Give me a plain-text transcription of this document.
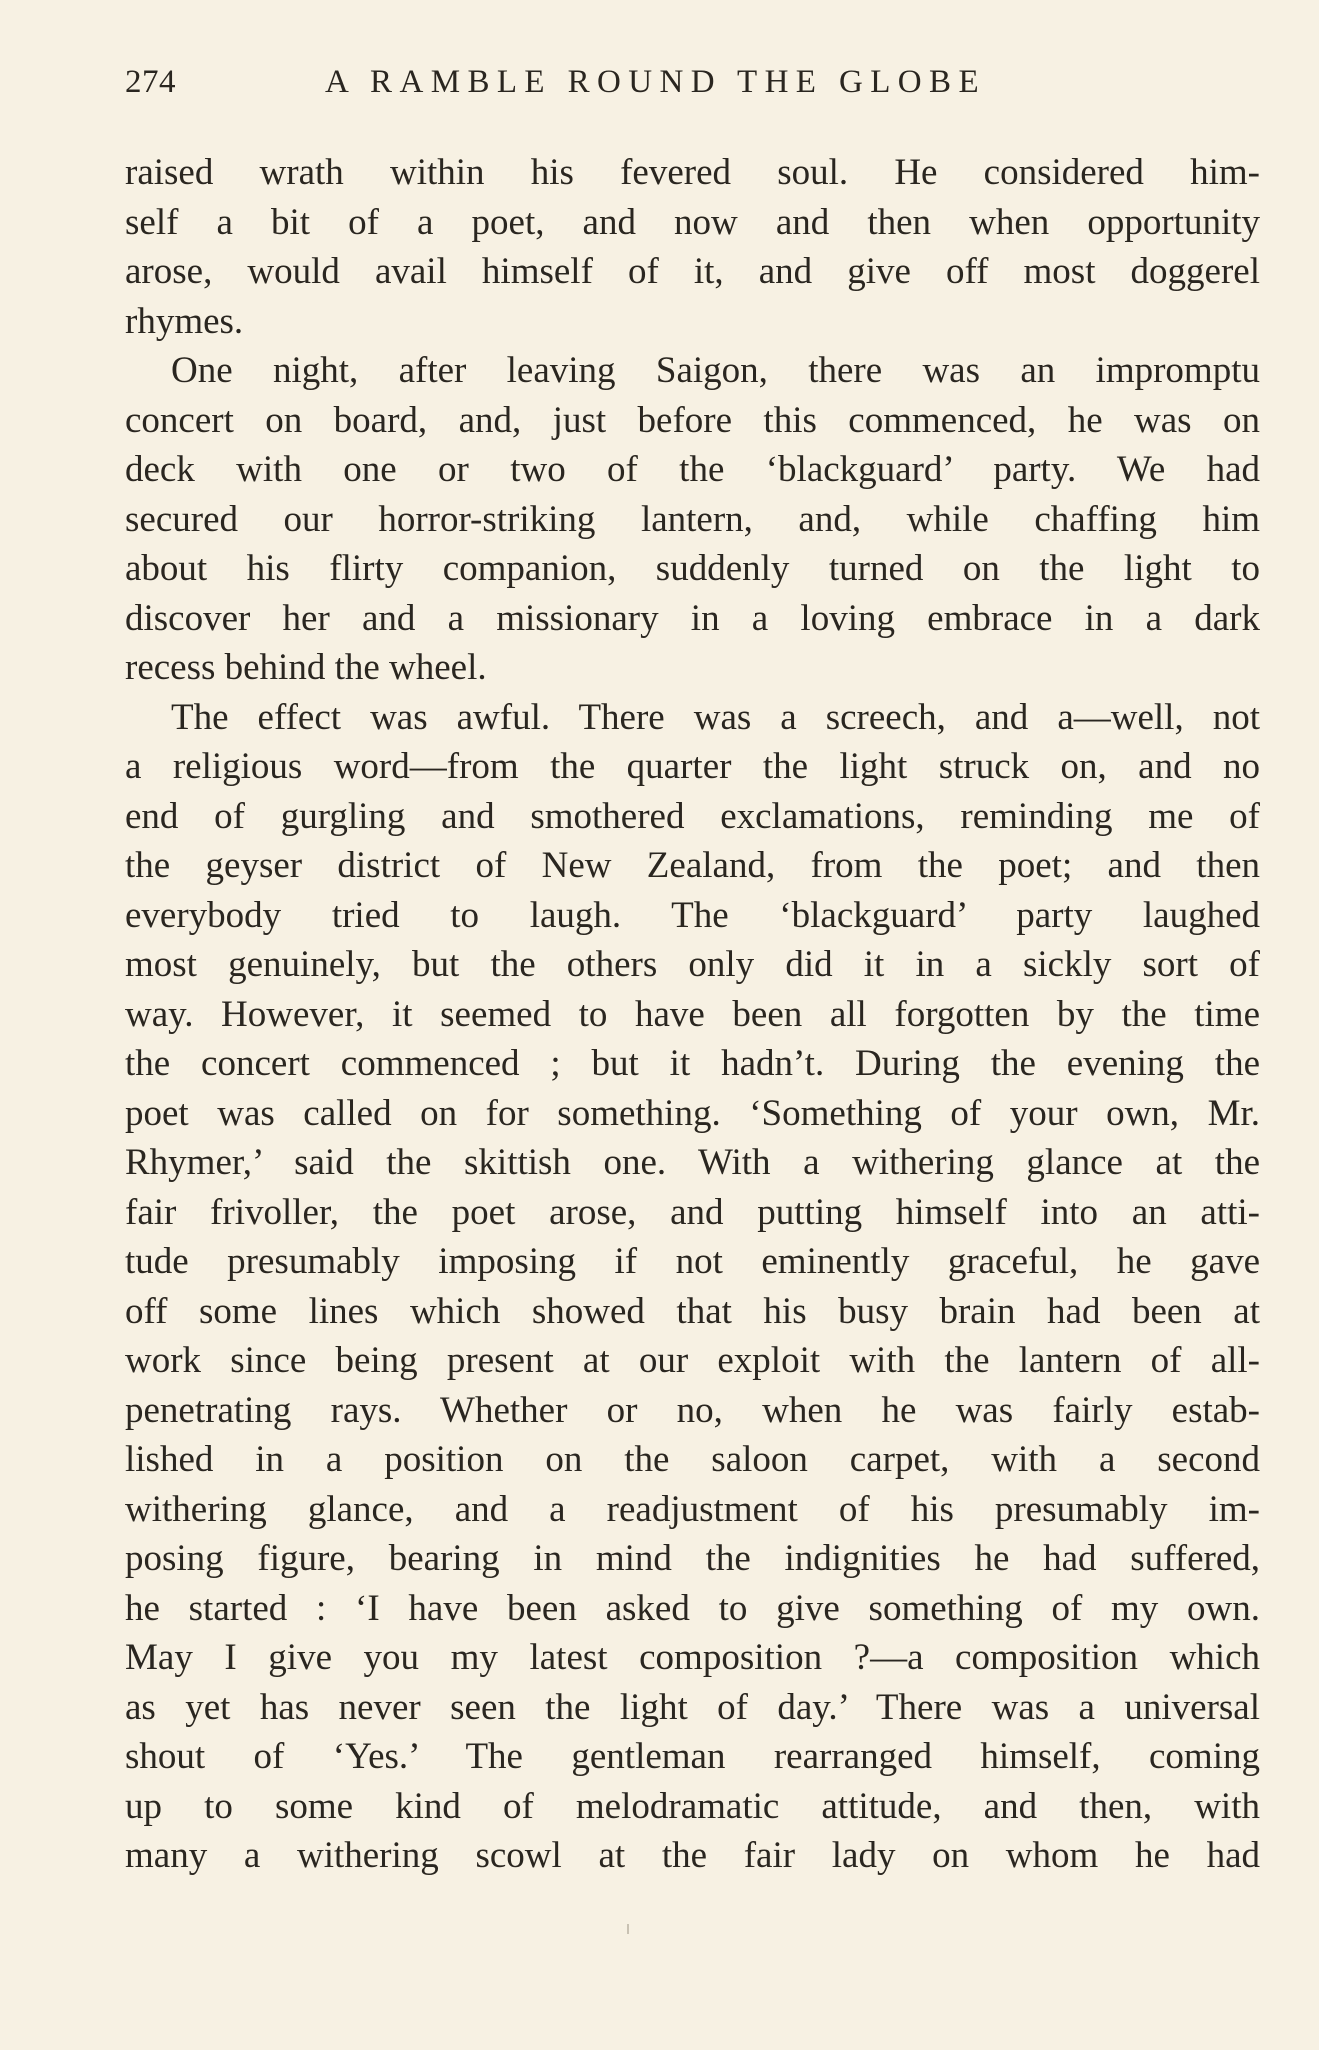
274	A RAMBLE ROUND THE GLOBE
raised wrath within his fevered soul. He considered him-
self a bit of a poet, and now and then when opportunity
arose, would avail himself of it, and give off most doggerel
rhymes.
One night, after leaving Saigon, there was an impromptu
concert on board, and, just before this commenced, he was on
deck with one or two of the ‘blackguard’ party. We had
secured our horror-striking lantern, and, while chaffing him
about his flirty companion, suddenly turned on the light to
discover her and a missionary in a loving embrace in a dark
recess behind the wheel.
The effect was awful. There was a screech, and a—well, not
a religious word—from the quarter the light struck on, and no
end of gurgling and smothered exclamations, reminding me of
the geyser district of New Zealand, from the poet; and then
everybody tried to laugh. The ‘blackguard’ party laughed
most genuinely, but the others only did it in a sickly sort of
way. However, it seemed to have been all forgotten by the time
the concert commenced ; but it hadn’t. During the evening the
poet was called on for something. ‘Something of your own, Mr.
Rhymer,’ said the skittish one. With a withering glance at the
fair frivoller, the poet arose, and putting himself into an atti-
tude presumably imposing if not eminently graceful, he gave
off some lines which showed that his busy brain had been at
work since being present at our exploit with the lantern of all-
penetrating rays. Whether or no, when he was fairly estab-
lished in a position on the saloon carpet, with a second
withering glance, and a readjustment of his presumably im-
posing figure, bearing in mind the indignities he had suffered,
he started : ‘I have been asked to give something of my own.
May I give you my latest composition ?—a composition which
as yet has never seen the light of day.’ There was a universal
shout of ‘Yes.’ The gentleman rearranged himself, coming
up to some kind of melodramatic attitude, and then, with
many a withering scowl at the fair lady on whom he had
